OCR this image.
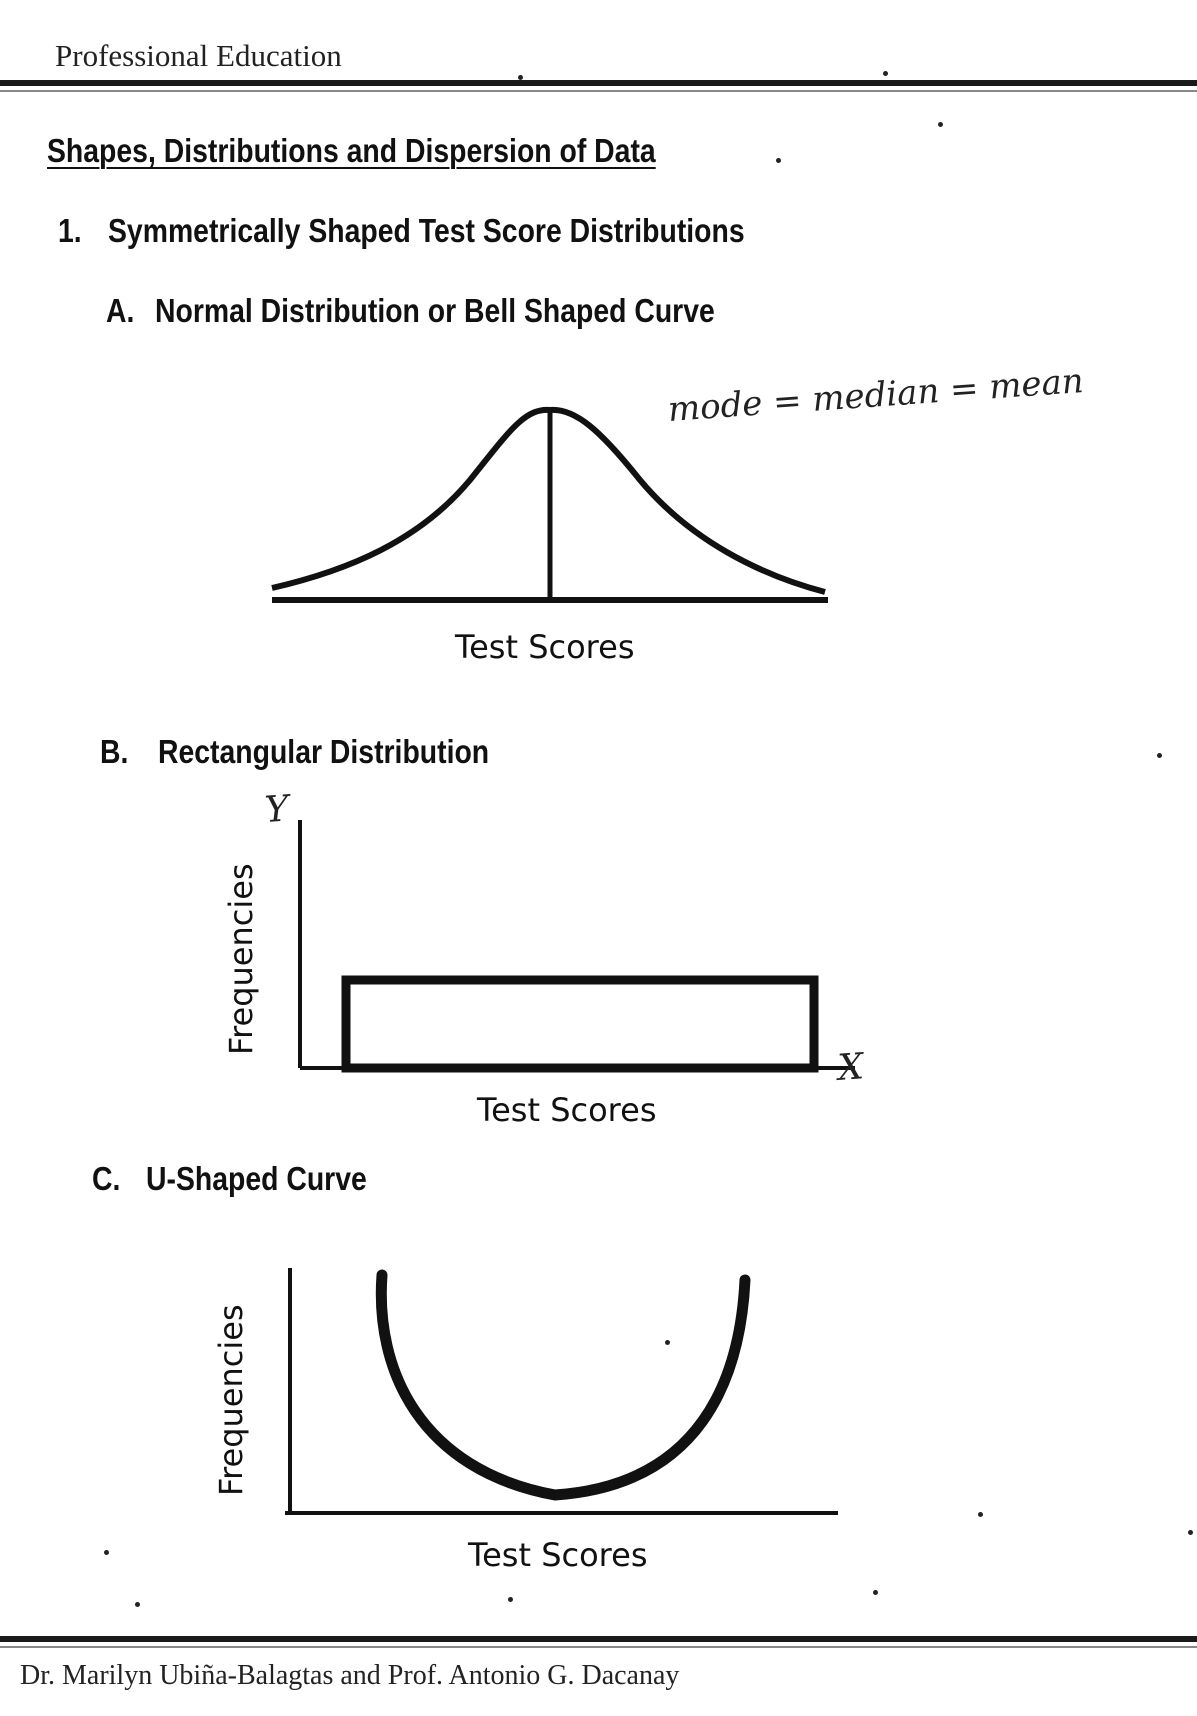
Professional Education
Shapes, Distributions and Dispersion of Data
1. Symmetrically Shaped Test Score Distributions
A. Normal Distribution or Bell Shaped Curve
mode = median = mean
Test Scores
B. Rectangular Distribution
Y
X
Frequencies
Test Scores
C. U-Shaped Curve
Frequencies
Test Scores
Dr. Marilyn Ubiña-Balagtas and Prof. Antonio G. Dacanay
